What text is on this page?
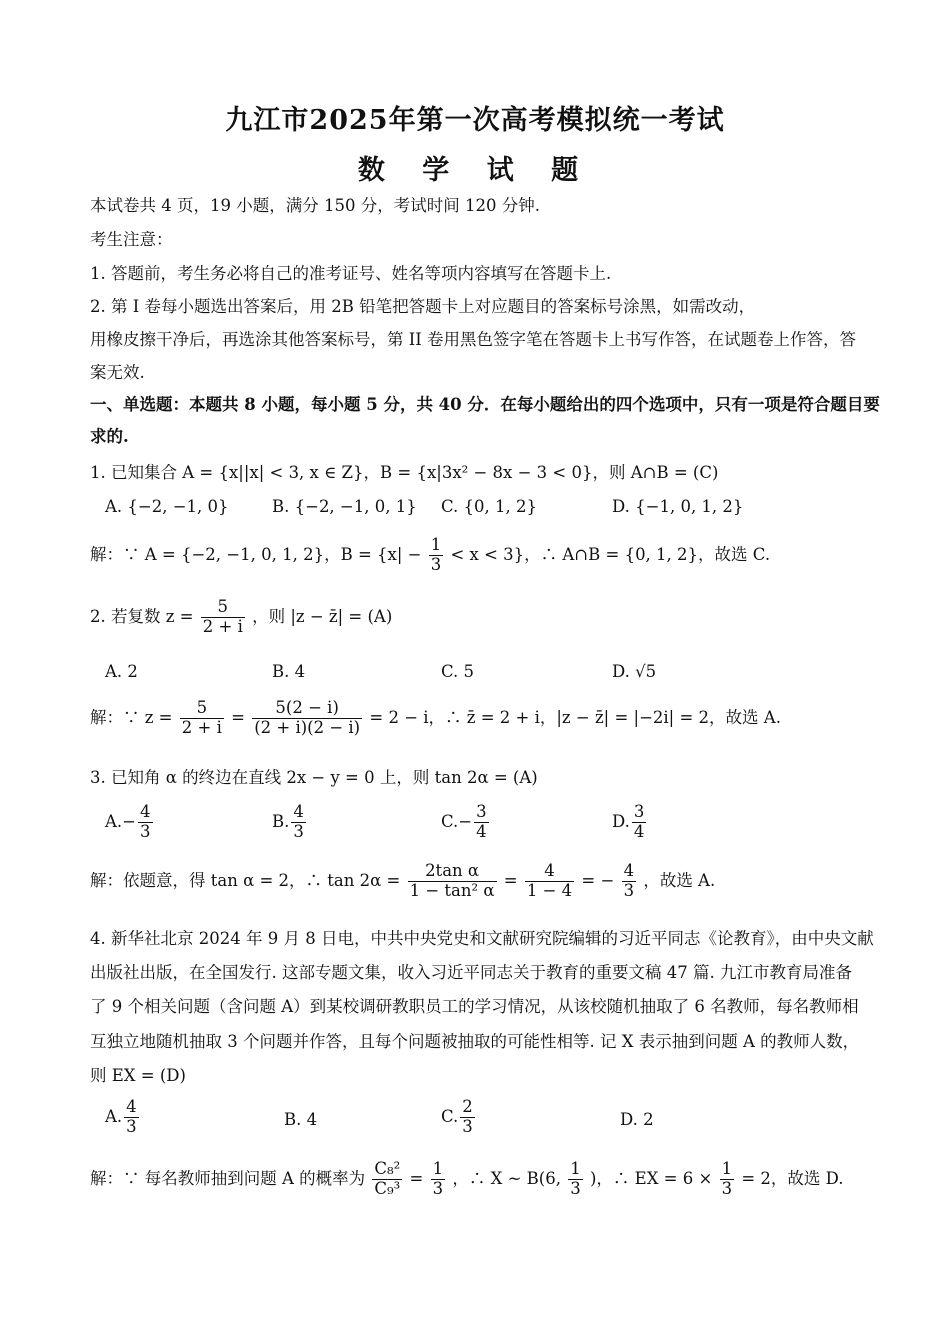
九江市2025年第一次高考模拟统一考试
数 学 试 题
本试卷共 4 页，19 小题，满分 150 分，考试时间 120 分钟.
考生注意：
1. 答题前，考生务必将自己的准考证号、姓名等项内容填写在答题卡上.
2. 第 I 卷每小题选出答案后，用 2B 铅笔把答题卡上对应题目的答案标号涂黑，如需改动，
用橡皮擦干净后，再选涂其他答案标号，第 II 卷用黑色签字笔在答题卡上书写作答，在试题卷上作答，答
案无效.
一、单选题：本题共 8 小题，每小题 5 分，共 40 分．在每小题给出的四个选项中，只有一项是符合题目要
求的.
1. 已知集合 A = {x||x| < 3, x ∈ Z}，B = {x|3x² − 8x − 3 < 0}，则 A∩B = (C)
A. {−2, −1, 0}	B. {−2, −1, 0, 1} C. {0, 1, 2}	D. {−1, 0, 1, 2}
解：∵ A = {−2, −1, 0, 1, 2}，$B = \{x| - \frac{1}{3} < x < 3\}$，∴ A∩B = {0, 1, 2}，故选 C.
2. 若复数 $z = \frac{5}{2 + i}$ ，则 |z − z̄| = (A)
A. 2	B. 4	C. 5	D. √5
解：∵ $z = \frac{5}{2 + i} = \frac{5(2 - i)}{(2 + i)(2 - i)} = 2 - i$，∴ z̄ = 2 + i，|z − z̄| = |−2i| = 2，故选 A.
3. 已知角 α 的终边在直线 2x − y = 0 上，则 tan 2α = (A)
$A.- \frac{4}{3}$	B. $\frac{4}{3}$	$C.- \frac{3}{4}$	D. $\frac{3}{4}$
解：依题意，得 tan α = 2，∴ $\tan 2\alpha = \frac{\text{2tan α}}{\text{1 − tan² α}} = \frac{4}{1 - 4}$ = − $\frac{4}{3}$ ，故选 A.
4. 新华社北京 2024 年 9 月 8 日电，中共中央党史和文献研究院编辑的习近平同志《论教育》，由中央文献
出版社出版，在全国发行. 这部专题文集，收入习近平同志关于教育的重要文稿 47 篇. 九江市教育局准备
了 9 个相关问题（含问题 A）到某校调研教职员工的学习情况，从该校随机抽取了 6 名教师，每名教师相
互独立地随机抽取 3 个问题并作答，且每个问题被抽取的可能性相等. 记 X 表示抽到问题 A 的教师人数，
则 EX = (D)
A. $\frac{4}{3}$	B. 4	C. $\frac{2}{3}$	D. 2
解：∵ 每名教师抽到问题 A 的概率为 $\frac{\text{C₈²}}{\text{C₉³}} = \frac{1}{3}$ ，∴ X ~ B(6, $\frac{1}{3}$ )，∴ EX = $6 \times \frac{1}{3} = 2$，故选 D.
